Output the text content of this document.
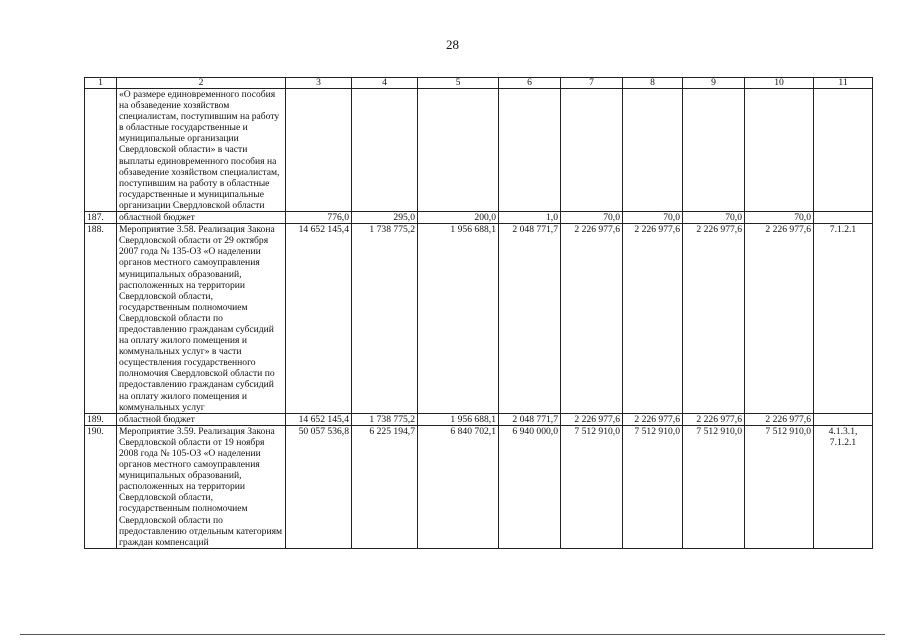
28
1	2	3	4	5	6	7	8	9	10	11
	«О размере единовременного пособия на обзаведение хозяйством специалистам, поступившим на работу в областные государственные и муниципальные организации Свердловской области» в части выплаты единовременного пособия на обзаведение хозяйством специалистам, поступившим на работу в областные государственные и муниципальные организации Свердловской области									
187.	областной бюджет	776,0	295,0	200,0	1,0	70,0	70,0	70,0	70,0	
188.	Мероприятие 3.58. Реализация Закона Свердловской области от 29 октября 2007 года № 135-ОЗ «О наделении органов местного самоуправления муниципальных образований, расположенных на территории Свердловской области, государственным полномочием Свердловской области по предоставлению гражданам субсидий на оплату жилого помещения и коммунальных услуг» в части осуществления государственного полномочия Свердловской области по предоставлению гражданам субсидий на оплату жилого помещения и коммунальных услуг	14 652 145,4	1 738 775,2	1 956 688,1	2 048 771,7	2 226 977,6	2 226 977,6	2 226 977,6	2 226 977,6	7.1.2.1
189.	областной бюджет	14 652 145,4	1 738 775,2	1 956 688,1	2 048 771,7	2 226 977,6	2 226 977,6	2 226 977,6	2 226 977,6	
190.	Мероприятие 3.59. Реализация Закона Свердловской области от 19 ноября 2008 года № 105-ОЗ «О наделении органов местного самоуправления муниципальных образований, расположенных на территории Свердловской области, государственным полномочием Свердловской области по предоставлению отдельным категориям граждан компенсаций	50 057 536,8	6 225 194,7	6 840 702,1	6 940 000,0	7 512 910,0	7 512 910,0	7 512 910,0	7 512 910,0	4.1.3.1, 7.1.2.1
